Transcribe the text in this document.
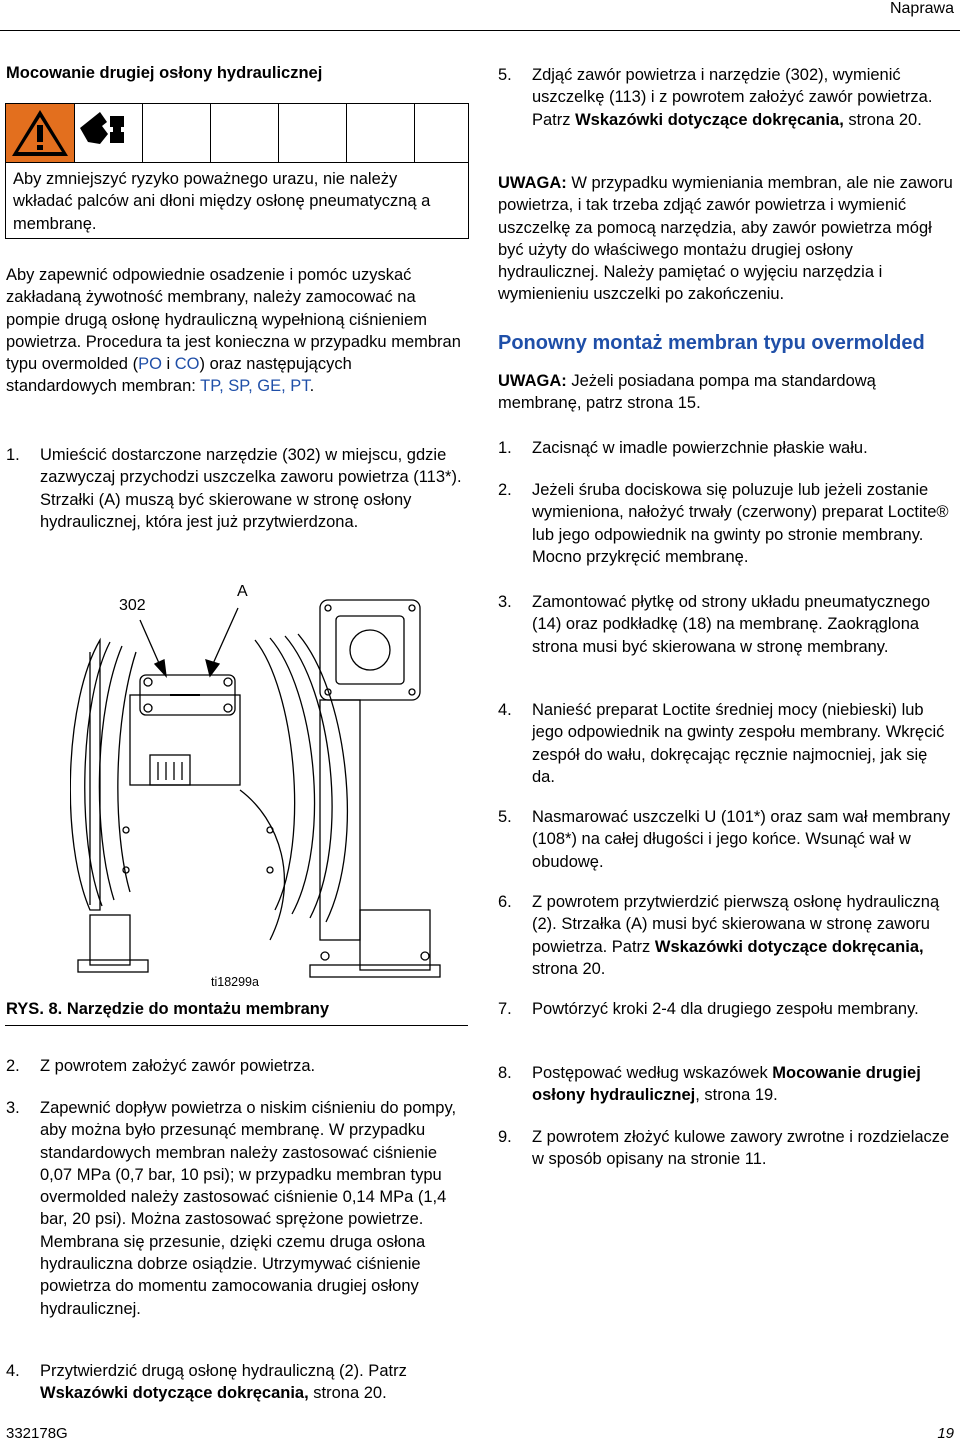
Naprawa
Mocowanie drugiej osłony hydraulicznej
Aby zmniejszyć ryzyko poważnego urazu, nie należy wkładać palców ani dłoni między osłonę pneumatyczną a membranę.
Aby zapewnić odpowiednie osadzenie i pomóc uzyskać zakładaną żywotność membrany, należy zamocować na pompie drugą osłonę hydrauliczną wypełnioną ciśnieniem powietrza. Procedura ta jest konieczna w przypadku membran typu overmolded (PO i CO) oraz następujących standardowych membran: TP, SP, GE, PT.
1. Umieścić dostarczone narzędzie (302) w miejscu, gdzie zazwyczaj przychodzi uszczelka zaworu powietrza (113*). Strzałki (A) muszą być skierowane w stronę osłony hydraulicznej, która jest już przytwierdzona.
302
A
ti18299a
RYS. 8. Narzędzie do montażu membrany
2. Z powrotem założyć zawór powietrza.
3. Zapewnić dopływ powietrza o niskim ciśnieniu do pompy, aby można było przesunąć membranę. W przypadku standardowych membran należy zastosować ciśnienie 0,07 MPa (0,7 bar, 10 psi); w przypadku membran typu overmolded należy zastosować ciśnienie 0,14 MPa (1,4 bar, 20 psi). Można zastosować sprężone powietrze. Membrana się przesunie, dzięki czemu druga osłona hydrauliczna dobrze osiądzie. Utrzymywać ciśnienie powietrza do momentu zamocowania drugiej osłony hydraulicznej.
4. Przytwierdzić drugą osłonę hydrauliczną (2). Patrz Wskazówki dotyczące dokręcania, strona 20.
5. Zdjąć zawór powietrza i narzędzie (302), wymienić uszczelkę (113) i z powrotem założyć zawór powietrza. Patrz Wskazówki dotyczące dokręcania, strona 20.
UWAGA: W przypadku wymieniania membran, ale nie zaworu powietrza, i tak trzeba zdjąć zawór powietrza i wymienić uszczelkę za pomocą narzędzia, aby zawór powietrza mógł być użyty do właściwego montażu drugiej osłony hydraulicznej. Należy pamiętać o wyjęciu narzędzia i wymienieniu uszczelki po zakończeniu.
Ponowny montaż membran typu overmolded
UWAGA: Jeżeli posiadana pompa ma standardową membranę, patrz strona 15.
1. Zacisnąć w imadle powierzchnie płaskie wału.
2. Jeżeli śruba dociskowa się poluzuje lub jeżeli zostanie wymieniona, nałożyć trwały (czerwony) preparat Loctite® lub jego odpowiednik na gwinty po stronie membrany. Mocno przykręcić membranę.
3. Zamontować płytkę od strony układu pneumatycznego (14) oraz podkładkę (18) na membranę. Zaokrąglona strona musi być skierowana w stronę membrany.
4. Nanieść preparat Loctite średniej mocy (niebieski) lub jego odpowiednik na gwinty zespołu membrany. Wkręcić zespół do wału, dokręcając ręcznie najmocniej, jak się da.
5. Nasmarować uszczelki U (101*) oraz sam wał membrany (108*) na całej długości i jego końce. Wsunąć wał w obudowę.
6. Z powrotem przytwierdzić pierwszą osłonę hydrauliczną (2). Strzałka (A) musi być skierowana w stronę zaworu powietrza. Patrz Wskazówki dotyczące dokręcania, strona 20.
7. Powtórzyć kroki 2-4 dla drugiego zespołu membrany.
8. Postępować według wskazówek Mocowanie drugiej osłony hydraulicznej, strona 19.
9. Z powrotem złożyć kulowe zawory zwrotne i rozdzielacze w sposób opisany na stronie 11.
332178G	19
